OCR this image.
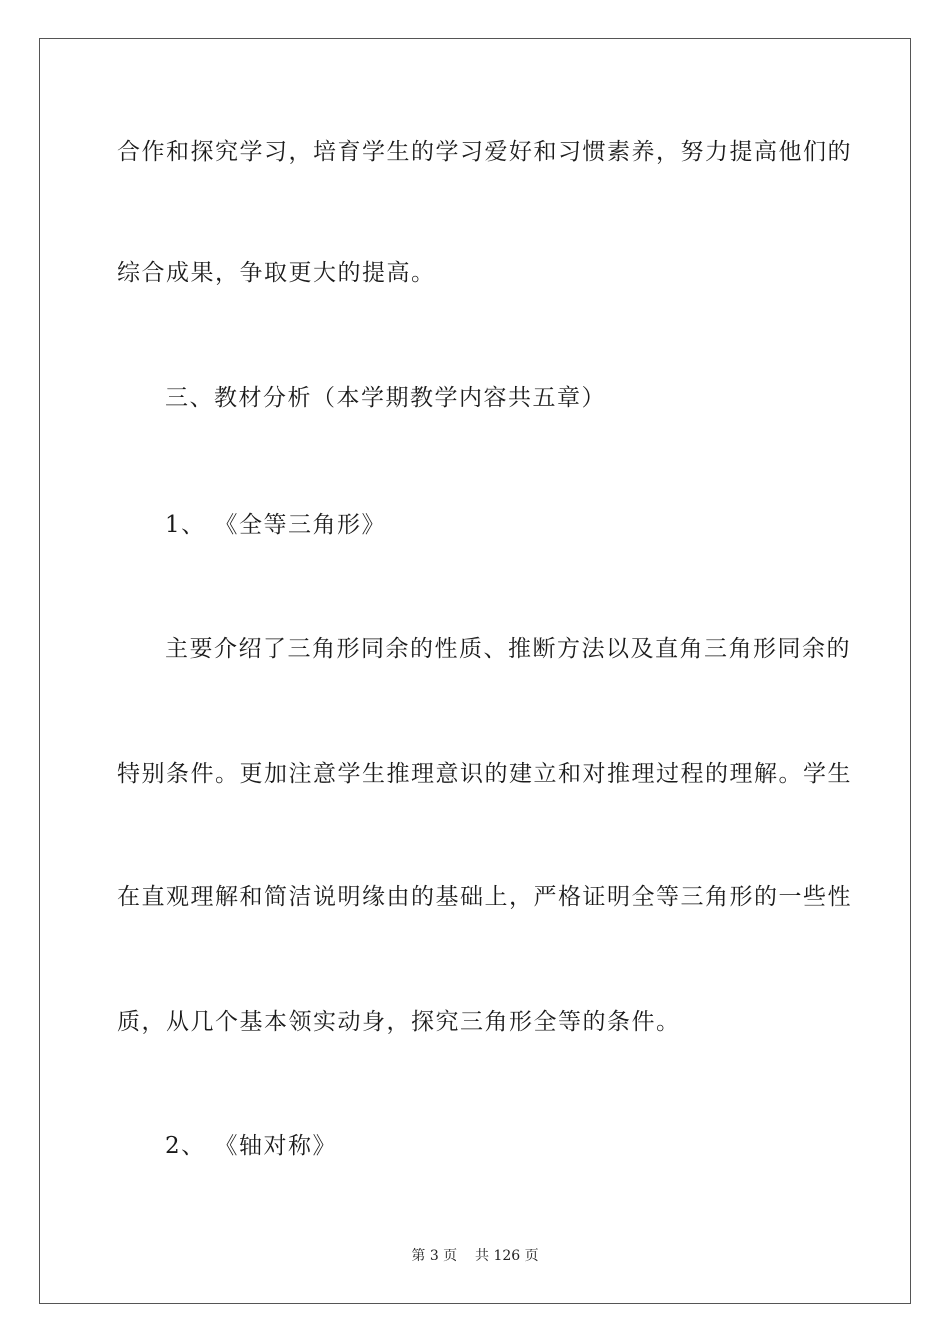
合作和探究学习，培育学生的学习爱好和习惯素养，努力提高他们的
综合成果，争取更大的提高。
三、教材分析（本学期教学内容共五章）
1、 《全等三角形》
主要介绍了三角形同余的性质、推断方法以及直角三角形同余的
特别条件。更加注意学生推理意识的建立和对推理过程的理解。学生
在直观理解和简洁说明缘由的基础上，严格证明全等三角形的一些性
质，从几个基本领实动身，探究三角形全等的条件。
2、 《轴对称》
第 3 页 共 126 页
